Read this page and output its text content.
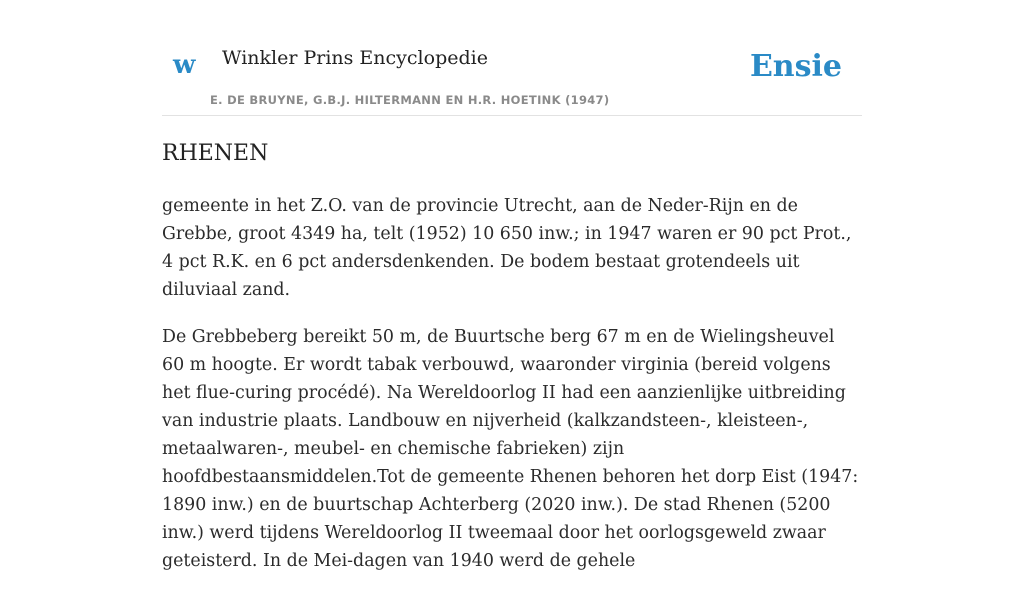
w Winkler Prins Encyclopedie
E. DE BRUYNE, G.B.J. HILTERMANN EN H.R. HOETINK (1947)
Ensie
RHENEN

gemeente in het Z.O. van de provincie Utrecht, aan de Neder-Rijn en de Grebbe, groot 4349 ha, telt (1952) 10 650 inw.; in 1947 waren er 90 pct Prot., 4 pct R.K. en 6 pct andersdenkenden. De bodem bestaat grotendeels uit diluviaal zand.

De Grebbeberg bereikt 50 m, de Buurtsche berg 67 m en de Wielingsheuvel 60 m hoogte. Er wordt tabak verbouwd, waaronder virginia (bereid volgens het flue-curing procédé). Na Wereldoorlog II had een aanzienlijke uitbreiding van industrie plaats. Landbouw en nijverheid (kalkzandsteen-, kleisteen-, metaalwaren-, meubel- en chemische fabrieken) zijn hoofdbestaansmiddelen.Tot de gemeente Rhenen behoren het dorp Eist (1947: 1890 inw.) en de buurtschap Achterberg (2020 inw.). De stad Rhenen (5200 inw.) werd tijdens Wereldoorlog II tweemaal door het oorlogsgeweld zwaar geteisterd. In de Mei-dagen van 1940 werd de gehele
